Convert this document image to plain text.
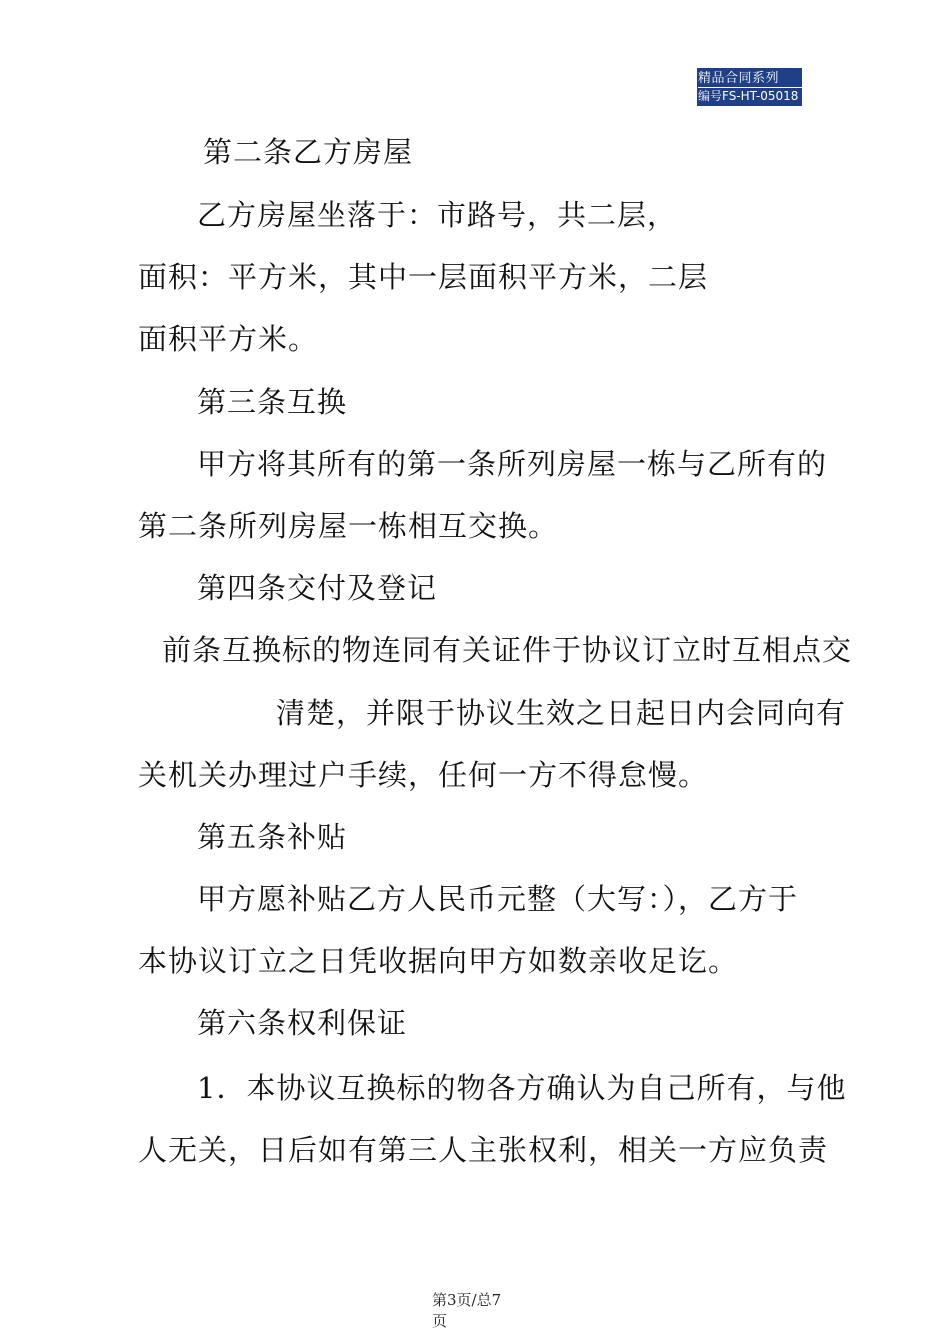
精品合同系列
编号FS-HT-05018
第二条乙方房屋
乙方房屋坐落于：市路号，共二层，
面积：平方米，其中一层面积平方米，二层
面积平方米。
第三条互换
甲方将其所有的第一条所列房屋一栋与乙所有的
第二条所列房屋一栋相互交换。
第四条交付及登记
前条互换标的物连同有关证件于协议订立时互相点交
清楚，并限于协议生效之日起日内会同向有
关机关办理过户手续，任何一方不得怠慢。
第五条补贴
甲方愿补贴乙方人民币元整（大写：），乙方于
本协议订立之日凭收据向甲方如数亲收足讫。
第六条权利保证
1．本协议互换标的物各方确认为自己所有，与他
人无关，日后如有第三人主张权利，相关一方应负责
第3页/总7
页
